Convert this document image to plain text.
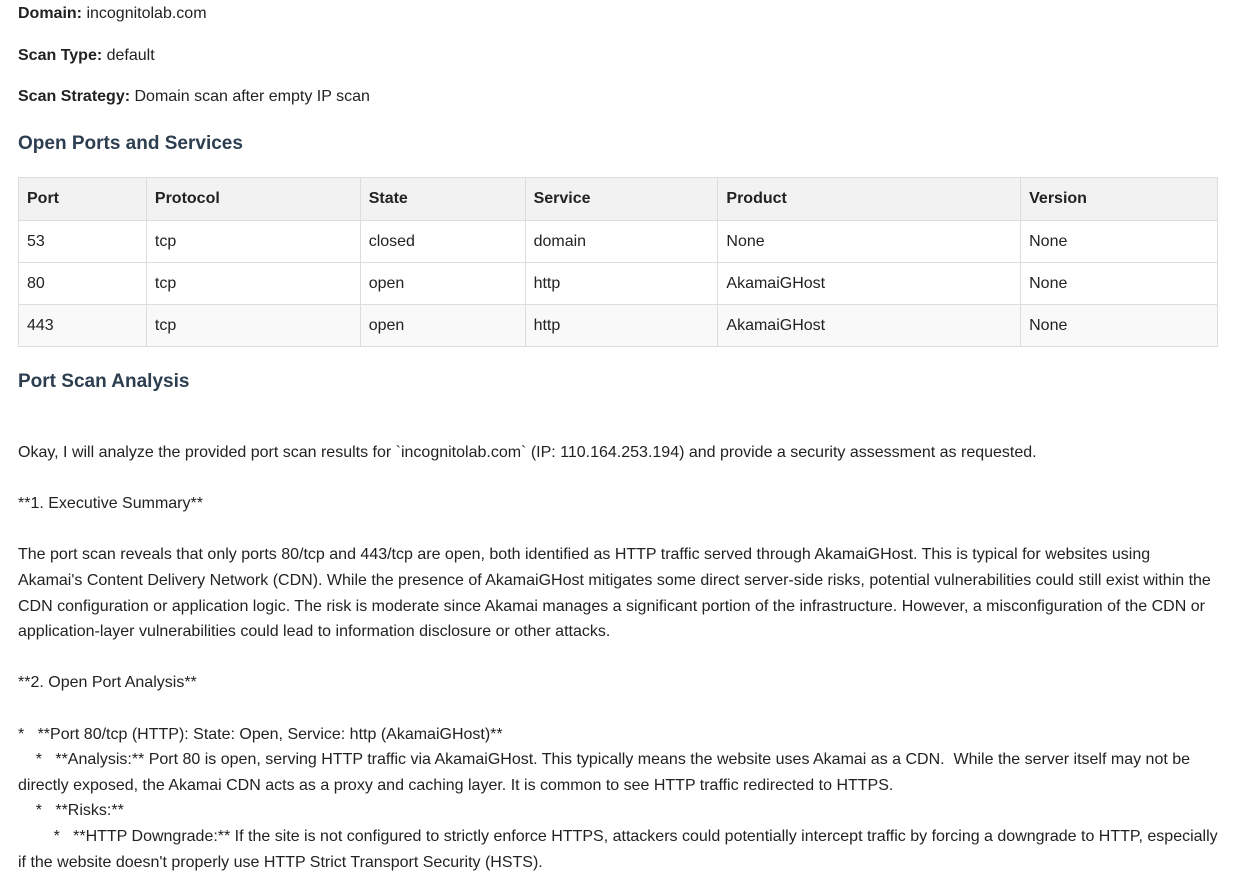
Domain: incognitolab.com

Scan Type: default

Scan Strategy: Domain scan after empty IP scan

Open Ports and Services
Port	Protocol	State	Service	Product	Version
53	tcp	closed	domain	None	None
80	tcp	open	http	AkamaiGHost	None
443	tcp	open	http	AkamaiGHost	None
Port Scan Analysis

Okay, I will analyze the provided port scan results for `incognitolab.com` (IP: 110.164.253.194) and provide a security assessment as requested.

**1. Executive Summary**

The port scan reveals that only ports 80/tcp and 443/tcp are open, both identified as HTTP traffic served through AkamaiGHost. This is typical for websites using Akamai's Content Delivery Network (CDN). While the presence of AkamaiGHost mitigates some direct server-side risks, potential vulnerabilities could still exist within the CDN configuration or application logic. The risk is moderate since Akamai manages a significant portion of the infrastructure. However, a misconfiguration of the CDN or application-layer vulnerabilities could lead to information disclosure or other attacks.

**2. Open Port Analysis**

*   **Port 80/tcp (HTTP): State: Open, Service: http (AkamaiGHost)**

*   **Analysis:** Port 80 is open, serving HTTP traffic via AkamaiGHost. This typically means the website uses Akamai as a CDN.  While the server itself may not be directly exposed, the Akamai CDN acts as a proxy and caching layer. It is common to see HTTP traffic redirected to HTTPS.

*   **Risks:**

*   **HTTP Downgrade:** If the site is not configured to strictly enforce HTTPS, attackers could potentially intercept traffic by forcing a downgrade to HTTP, especially if the website doesn't properly use HTTP Strict Transport Security (HSTS).
